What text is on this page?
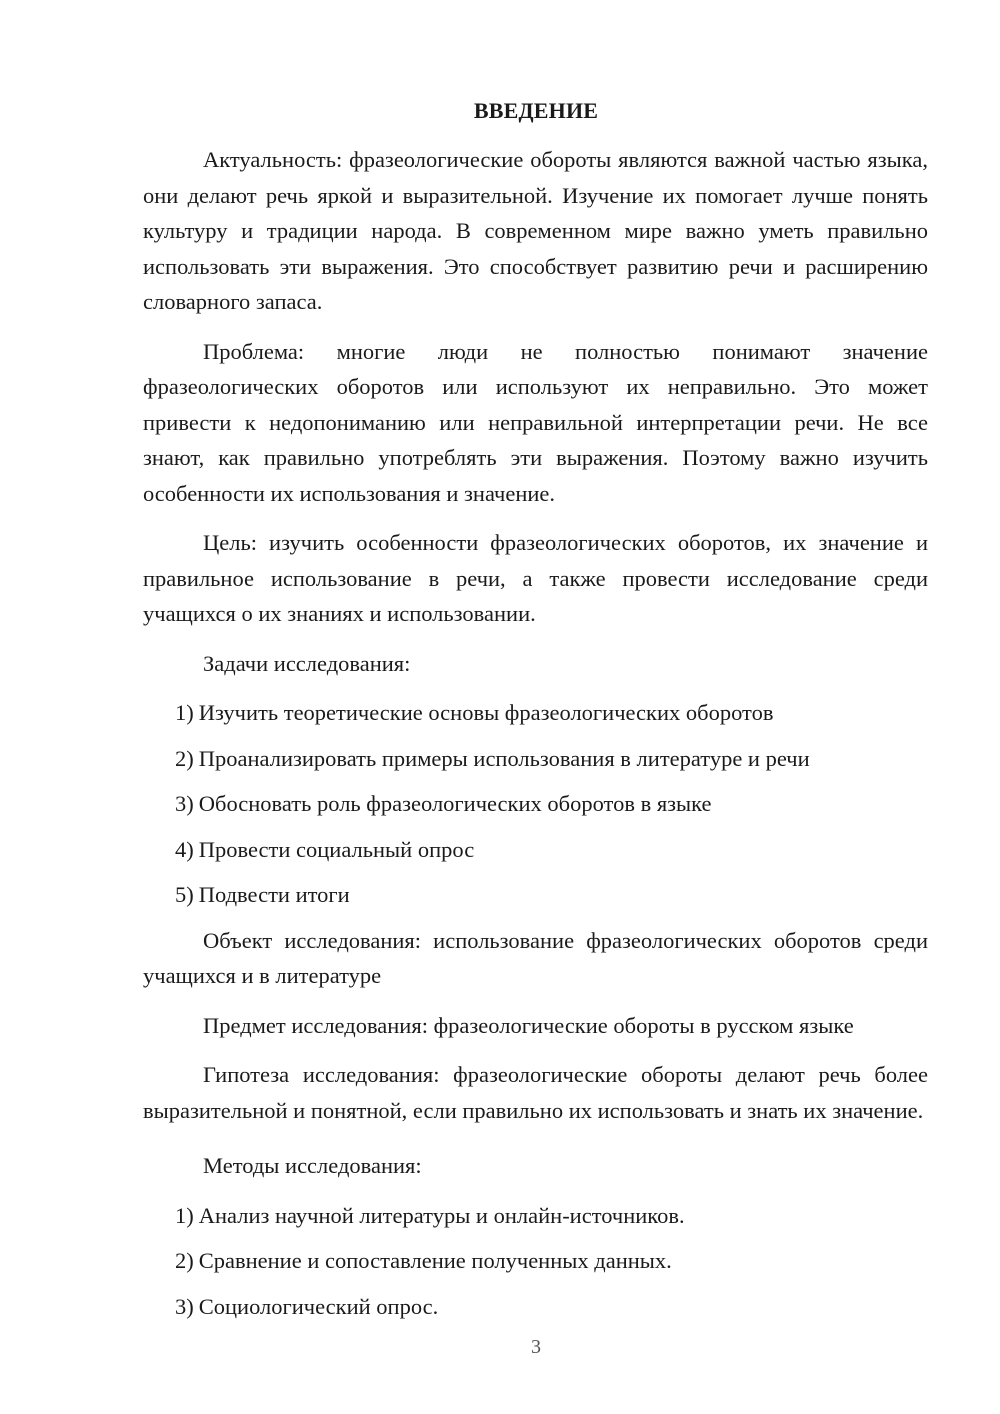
ВВЕДЕНИЕ

Актуальность: фразеологические обороты являются важной частью языка, они делают речь яркой и выразительной. Изучение их помогает лучше понять культуру и традиции народа. В современном мире важно уметь правильно использовать эти выражения. Это способствует развитию речи и расширению словарного запаса.

Проблема: многие люди не полностью понимают значение фразеологических оборотов или используют их неправильно. Это может привести к недопониманию или неправильной интерпретации речи. Не все знают, как правильно употреблять эти выражения. Поэтому важно изучить особенности их использования и значение.

Цель: изучить особенности фразеологических оборотов, их значение и правильное использование в речи, а также провести исследование среди учащихся о их знаниях и использовании.

Задачи исследования:

1) Изучить теоретические основы фразеологических оборотов
2) Проанализировать примеры использования в литературе и речи
3) Обосновать роль фразеологических оборотов в языке
4) Провести социальный опрос
5) Подвести итоги

Объект исследования: использование фразеологических оборотов среди учащихся и в литературе

Предмет исследования: фразеологические обороты в русском языке

Гипотеза исследования: фразеологические обороты делают речь более выразительной и понятной, если правильно их использовать и знать их значение.

Методы исследования:

1) Анализ научной литературы и онлайн-источников.
2) Сравнение и сопоставление полученных данных.
3) Социологический опрос.
3
